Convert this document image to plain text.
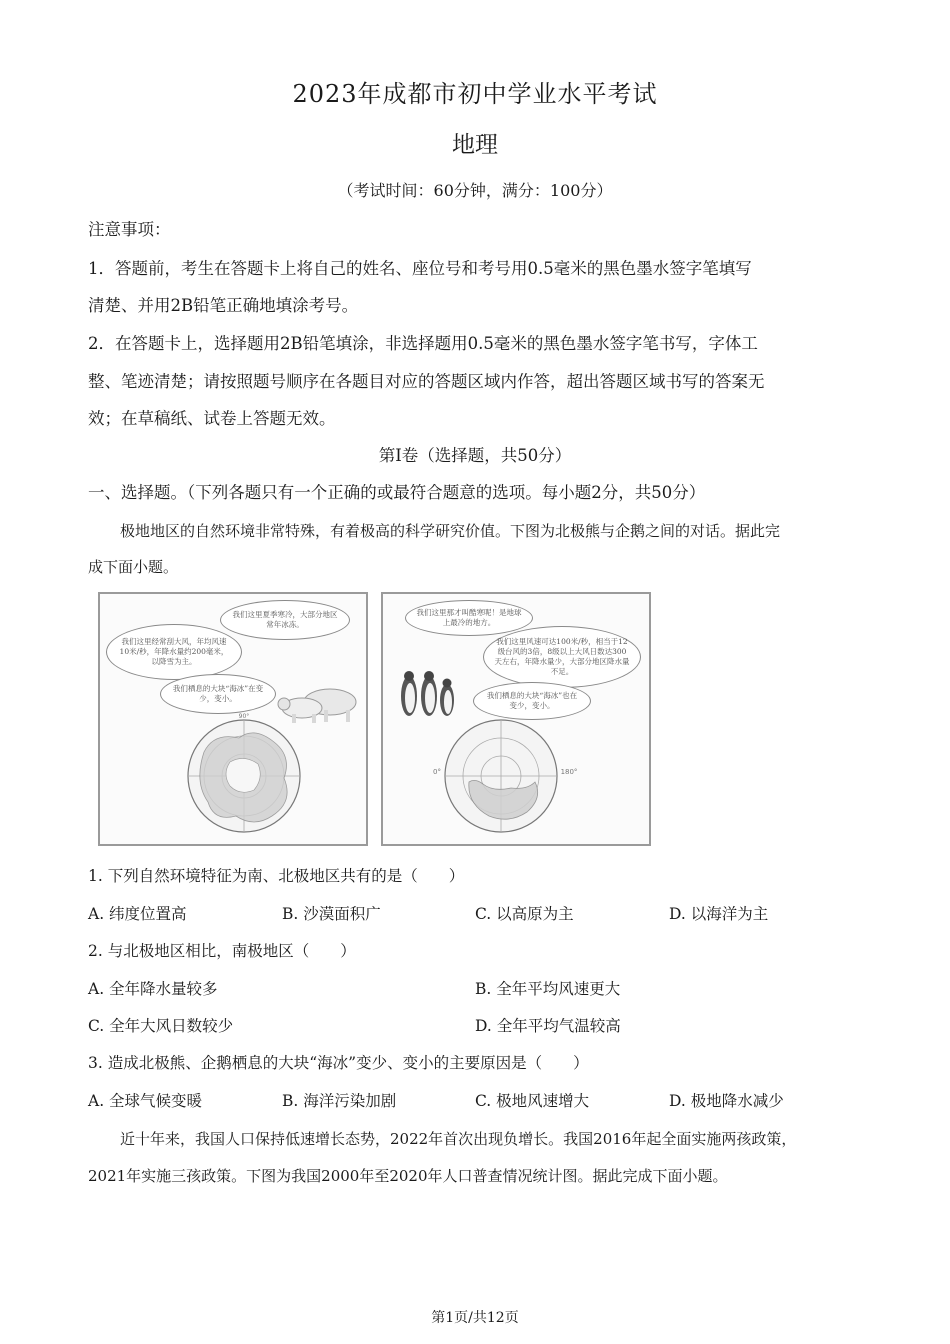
2023年成都市初中学业水平考试
地理
（考试时间：60分钟，满分：100分）
注意事项：
1．答题前，考生在答题卡上将自己的姓名、座位号和考号用0.5毫米的黑色墨水签字笔填写
清楚、并用2B铅笔正确地填涂考号。
2．在答题卡上，选择题用2B铅笔填涂，非选择题用0.5毫米的黑色墨水签字笔书写，字体工
整、笔迹清楚；请按照题号顺序在各题目对应的答题区域内作答，超出答题区域书写的答案无
效；在草稿纸、试卷上答题无效。
第Ⅰ卷（选择题，共50分）
一、选择题。（下列各题只有一个正确的或最符合题意的选项。每小题2分，共50分）
极地地区的自然环境非常特殊，有着极高的科学研究价值。下图为北极熊与企鹅之间的对话。据此完
成下面小题。
我们这里夏季寒冷，大部分地区常年冰冻。
我们这里经常刮大风，年均风速10米/秒，年降水量约200毫米，以降雪为主。
我们栖息的大块“海冰”在变少，变小。
90°
我们这里那才叫酷寒呢！是地球上最冷的地方。
我们这里风速可达100米/秒，相当于12级台风的3倍，8级以上大风日数达300天左右，年降水量少，大部分地区降水量不足。
我们栖息的大块“海冰”也在变少，变小。
180°
0°
1. 下列自然环境特征为南、北极地区共有的是（　　）
A. 纬度位置高	B. 沙漠面积广	C. 以高原为主	D. 以海洋为主
2. 与北极地区相比，南极地区（　　）
A. 全年降水量较多	B. 全年平均风速更大
C. 全年大风日数较少	D. 全年平均气温较高
3. 造成北极熊、企鹅栖息的大块“海冰”变少、变小的主要原因是（　　）
A. 全球气候变暖	B. 海洋污染加剧	C. 极地风速增大	D. 极地降水减少
近十年来，我国人口保持低速增长态势，2022年首次出现负增长。我国2016年起全面实施两孩政策，
2021年实施三孩政策。下图为我国2000年至2020年人口普查情况统计图。据此完成下面小题。
第1页/共12页
